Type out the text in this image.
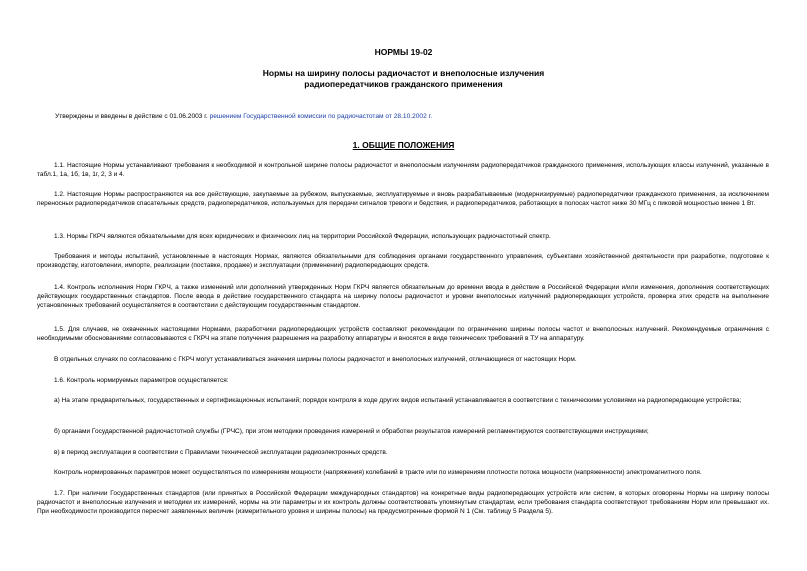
НОРМЫ 19-02
Нормы на ширину полосы радиочастот и внеполосные излучения
радиопередатчиков гражданского применения
Утверждены и введены в действие с 01.06.2003 г. решением Государственной комиссии по радиочастотам от 28.10.2002 г.
1. ОБЩИЕ ПОЛОЖЕНИЯ

1.1. Настоящие Нормы устанавливают требования к необходимой и контрольной ширине полосы радиочастот и внеполосным излучениям радиопередатчиков гражданского применения, использующих классы излучений, указанные в табл.1, 1а, 1б, 1в, 1г, 2, 3 и 4.

1.2. Настоящие Нормы распространяются на все действующие, закупаемые за рубежом, выпускаемые, эксплуатируемые и вновь разрабатываемые (модернизируемые) радиопередатчики гражданского применения, за исключением переносных радиопередатчиков спасательных средств, радиопередатчиков, используемых для передачи сигналов тревоги и бедствия, и радиопередатчиков, работающих в полосах частот ниже 30 МГц с пиковой мощностью менее 1 Вт.

1.3. Нормы ГКРЧ являются обязательными для всех юридических и физических лиц на территории Российской Федерации, использующих радиочастотный спектр.

Требования и методы испытаний, установленные в настоящих Нормах, являются обязательными для соблюдения органами государственного управления, субъектами хозяйственной деятельности при разработке, подготовке к производству, изготовлении, импорте, реализации (поставке, продаже) и эксплуатации (применении) радиопередающих средств.

1.4. Контроль исполнения Норм ГКРЧ, а также изменений или дополнений утвержденных Норм ГКРЧ является обязательным до времени ввода в действие в Российской Федерации и/или изменения, дополнения соответствующих действующих государственных стандартов. После ввода в действие государственного стандарта на ширину полосы радиочастот и уровни внеполосных излучений радиопередающих устройств, проверка этих средств на выполнение установленных требований осуществляется в соответствии с действующим государственным стандартом.

1.5. Для случаев, не охваченных настоящими Нормами, разработчики радиопередающих устройств составляют рекомендации по ограничению ширины полосы частот и внеполосных излучений. Рекомендуемые ограничения с необходимыми обоснованиями согласовываются с ГКРЧ на этапе получения разрешения на разработку аппаратуры и вносятся в виде технических требований в ТУ на аппаратуру.

В отдельных случаях по согласованию с ГКРЧ могут устанавливаться значения ширины полосы радиочастот и внеполосных излучений, отличающиеся от настоящих Норм.

1.6. Контроль нормируемых параметров осуществляется:

а) На этапе предварительных, государственных и сертификационных испытаний; порядок контроля в ходе других видов испытаний устанавливается в соответствии с техническими условиями на радиопередающие устройства;

б) органами Государственной радиочастотной службы (ГРЧС), при этом методики проведения измерений и обработки результатов измерений регламентируются соответствующими инструкциями;

в) в период эксплуатации в соответствии с Правилами технической эксплуатации радиоэлектронных средств.

Контроль нормированных параметров может осуществляться по измерениям мощности (напряжения) колебаний в тракте или по измерениям плотности потока мощности (напряженности) электромагнитного поля.

1.7. При наличии Государственных стандартов (или принятых в Российской Федерации международных стандартов) на конкретные виды радиопередающих устройств или систем, в которых оговорены Нормы на ширину полосы радиочастот и внеполосные излучения и методики их измерений, нормы на эти параметры и их контроль должны соответствовать упомянутым стандартам, если требования стандарта соответствуют требованиям Норм или превышают их. При необходимости производится пересчет заявленных величин (измерительного уровня и ширины полосы) на предусмотренные формой N 1 (См. таблицу 5 Раздела 5).
